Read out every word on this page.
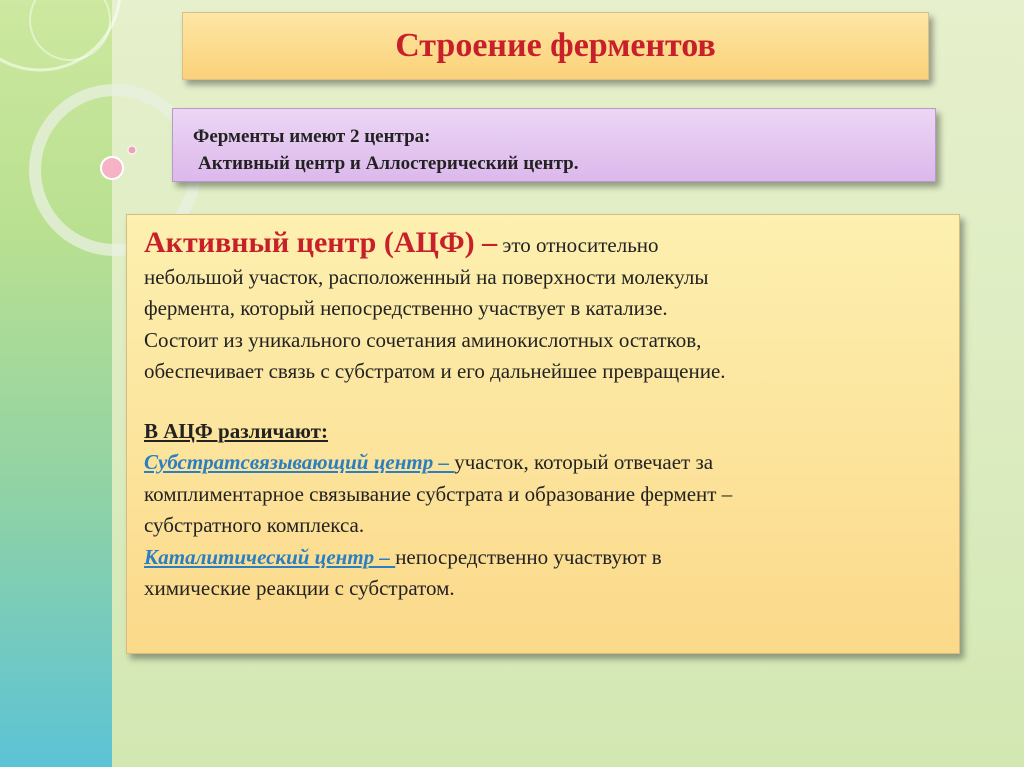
Строение ферментов
Ферменты имеют 2 центра:
Активный центр и Аллостерический центр.
Активный центр (АЦФ) – это относительно
небольшой участок, расположенный на поверхности молекулы
фермента, который непосредственно участвует в катализе.
Состоит из уникального сочетания аминокислотных остатков,
обеспечивает связь с субстратом и его дальнейшее превращение.
В АЦФ различают:
Субстратсвязывающий центр – участок, который отвечает за
комплиментарное связывание субстрата и образование фермент –
субстратного комплекса.
Каталитический центр – непосредственно участвуют в
химические реакции с субстратом.
